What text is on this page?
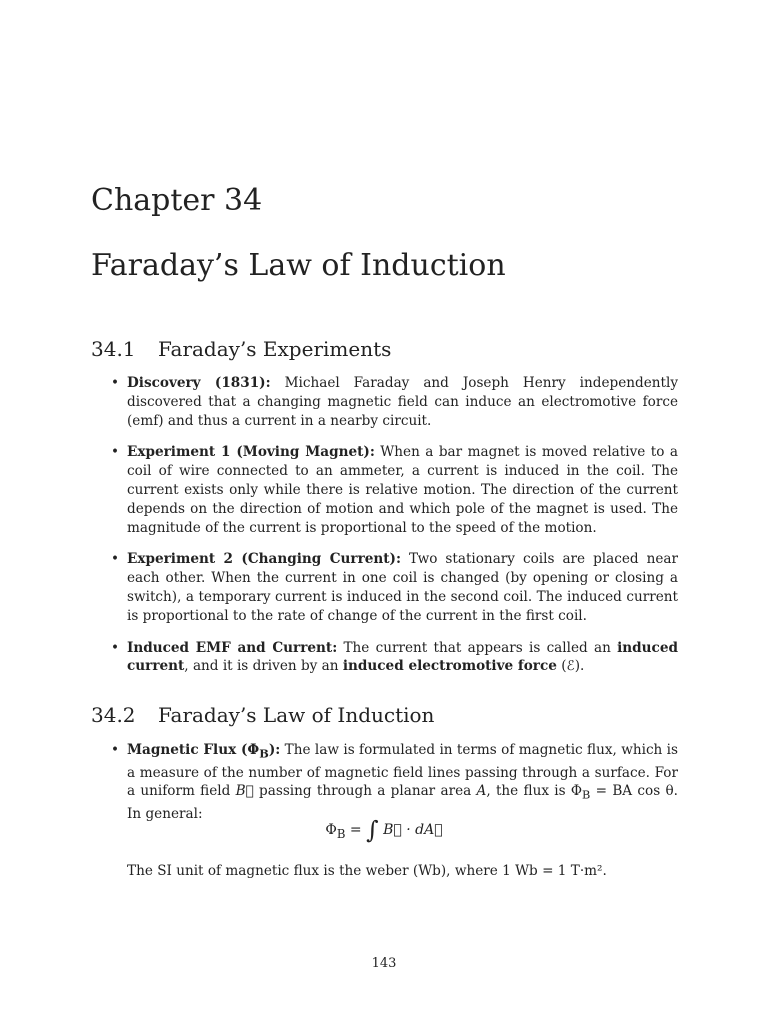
Chapter 34
Faraday’s Law of Induction
34.1 Faraday’s Experiments
• Discovery (1831): Michael Faraday and Joseph Henry independently discovered that a changing magnetic field can induce an electromotive force (emf) and thus a current in a nearby circuit.
• Experiment 1 (Moving Magnet): When a bar magnet is moved relative to a coil of wire connected to an ammeter, a current is induced in the coil. The current exists only while there is relative motion. The direction of the current depends on the direction of motion and which pole of the magnet is used. The magnitude of the current is proportional to the speed of the motion.
• Experiment 2 (Changing Current): Two stationary coils are placed near each other. When the current in one coil is changed (by opening or closing a switch), a temporary current is induced in the second coil. The induced current is proportional to the rate of change of the current in the first coil.
• Induced EMF and Current: The current that appears is called an induced current, and it is driven by an induced electromotive force (ℰ).
34.2 Faraday’s Law of Induction
• Magnetic Flux $(\Phi_B)$: The law is formulated in terms of magnetic flux, which is a measure of the number of magnetic field lines passing through a surface. For a uniform field B⃗ passing through a planar area A, the flux is $\Phi_B$ = BA cos θ. In general:
$\Phi_B$ = ∫ B⃗ · dA⃗
The SI unit of magnetic flux is the weber (Wb), where 1 Wb = 1 T·m².
143
